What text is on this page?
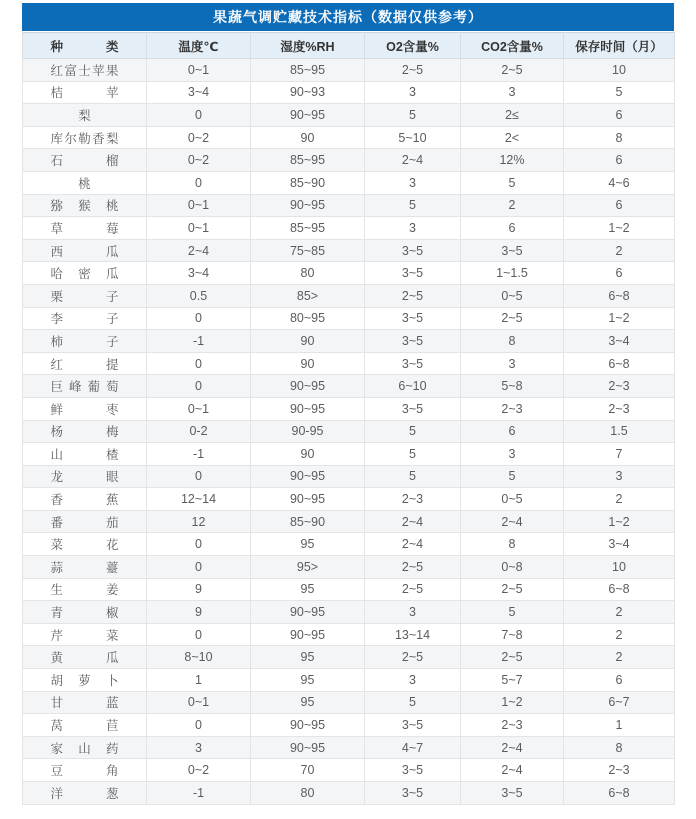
果蔬气调贮藏技术指标（数据仅供参考）
种类	温度℃	湿度%RH	O2含量%	CO2含量%	保存时间（月）
红富士苹果	0~1	85~95	2~5	2~5	10
桔苹	3~4	90~93	3	3	5
梨	0	90~95	5	2≤	6
库尔勒香梨	0~2	90	5~10	2<	8
石榴	0~2	85~95	2~4	12%	6
桃	0	85~90	3	5	4~6
猕猴桃	0~1	90~95	5	2	6
草莓	0~1	85~95	3	6	1~2
西瓜	2~4	75~85	3~5	3~5	2
哈密瓜	3~4	80	3~5	1~1.5	6
栗子	0.5	85>	2~5	0~5	6~8
李子	0	80~95	3~5	2~5	1~2
柿子	-1	90	3~5	8	3~4
红提	0	90	3~5	3	6~8
巨峰葡萄	0	90~95	6~10	5~8	2~3
鲜枣	0~1	90~95	3~5	2~3	2~3
杨梅	0-2	90-95	5	6	1.5
山楂	-1	90	5	3	7
龙眼	0	90~95	5	5	3
香蕉	12~14	90~95	2~3	0~5	2
番茄	12	85~90	2~4	2~4	1~2
菜花	0	95	2~4	8	3~4
蒜薹	0	95>	2~5	0~8	10
生姜	9	95	2~5	2~5	6~8
青椒	9	90~95	3	5	2
芹菜	0	90~95	13~14	7~8	2
黄瓜	8~10	95	2~5	2~5	2
胡萝卜	1	95	3	5~7	6
甘蓝	0~1	95	5	1~2	6~7
莴苣	0	90~95	3~5	2~3	1
家山药	3	90~95	4~7	2~4	8
豆角	0~2	70	3~5	2~4	2~3
洋葱	-1	80	3~5	3~5	6~8
